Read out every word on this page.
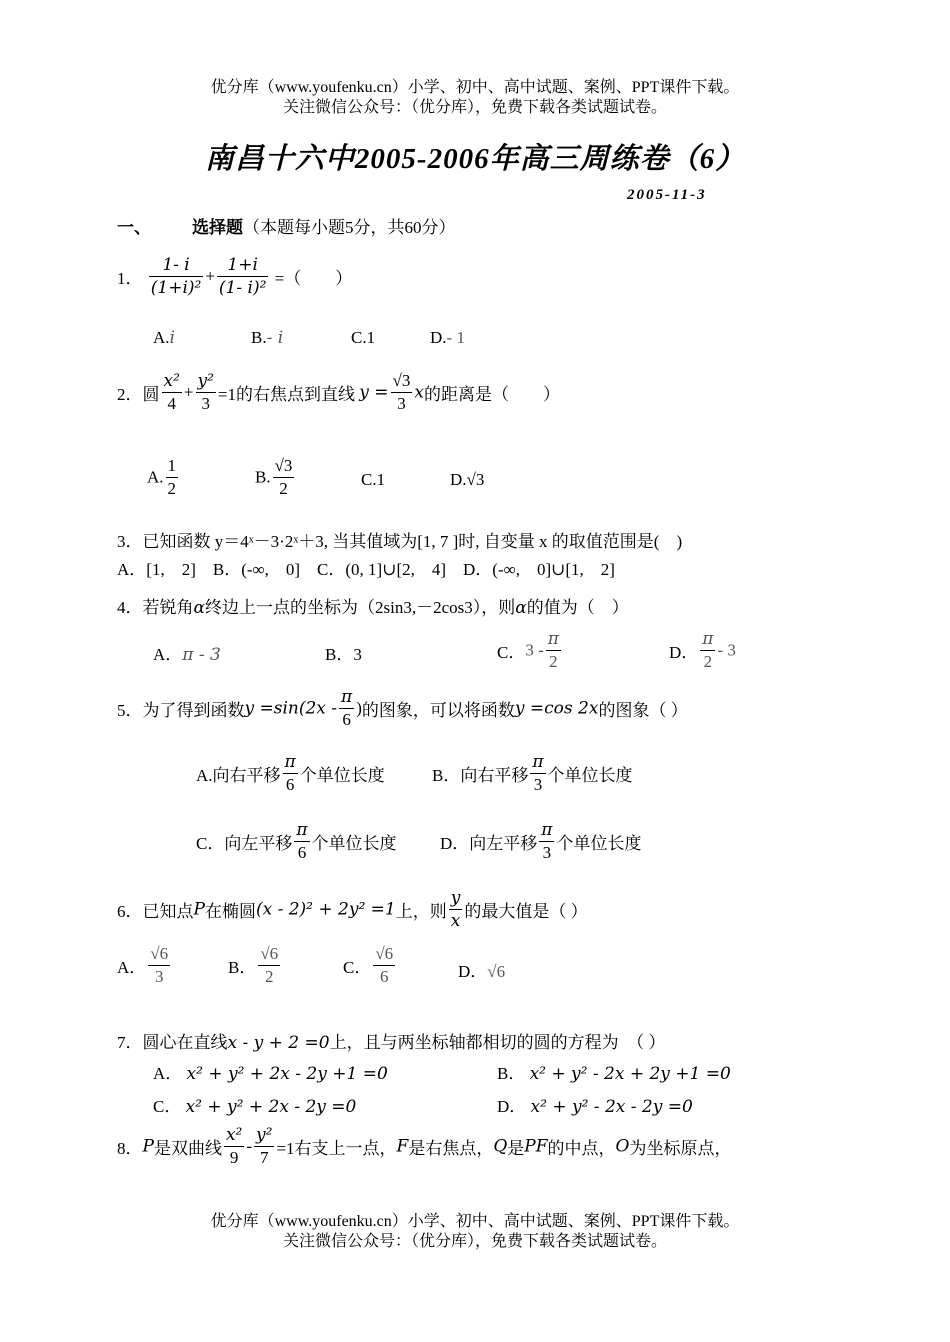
优分库（www.youfenku.cn）小学、初中、高中试题、案例、PPT课件下载。
关注微信公众号：（优分库），免费下载各类试题试卷。
南昌十六中2005-2006年高三周练卷（6）
2005-11-3
一、 选择题（本题每小题5分，共60分）
1． $\frac{1- i}{\text{(1+i)²}} + \frac{1+i}{\text{(1- i)²}}$ =（　　）
A.i	B.- i	C.1	D.- 1
2．圆 $\frac{\text{x²}}{4} + \frac{\text{y²}}{3} =1$的右焦点到直线 $y = \frac{√3}{3}$ x的距离是（　　）
A. $\frac{1}{2}$	B. $\frac{√3}{2}$	C.1	D.√3
3．已知函数 y＝4ˣ－3·2ˣ＋3, 当其值域为[1, 7 ]时, 自变量 x 的取值范围是(　)
A．[1,　2]　B．(-∞,　0]　C．(0, 1]∪[2,　4]　D．(-∞,　0]∪[1,　2]
4．若锐角α终边上一点的坐标为（2sin3,－2cos3），则α的值为（　）
A．π - 3	B．3	C．$3 - \frac{\pi}{2}$	D． $\frac{\pi}{2} - 3$
5．为了得到函数$y =\sin(2x - \frac{\pi}{6}$ )的图象，可以将函数y =cos 2x的图象（ ）
A.向右平移 $\frac{\pi}{6}$ 个单位长度	B．向右平移 $\frac{\pi}{3}$ 个单位长度
C．向左平移 $\frac{\pi}{6}$ 个单位长度	D．向左平移 $\frac{\pi}{3}$ 个单位长度
6．已知点P在椭圆(x - 2)² + 2y² =1上，则 $\frac{y}{x}$ 的最大值是（ ）
A． $\frac{√6}{3}$	B． $\frac{√6}{2}$	C． $\frac{√6}{6}$	D．√6
7．圆心在直线x - y + 2 =0上，且与两坐标轴都相切的圆的方程为　（ ）
A． x² + y² + 2x - 2y +1 =0	B． x² + y² - 2x + 2y +1 =0
C． x² + y² + 2x - 2y =0	D． x² + y² - 2x - 2y =0
8．P是双曲线 $\frac{\text{x²}}{9} - \frac{\text{y²}}{7} =1$右支上一点，F是右焦点，Q是PF的中点，O为坐标原点，
优分库（www.youfenku.cn）小学、初中、高中试题、案例、PPT课件下载。
关注微信公众号：（优分库），免费下载各类试题试卷。
